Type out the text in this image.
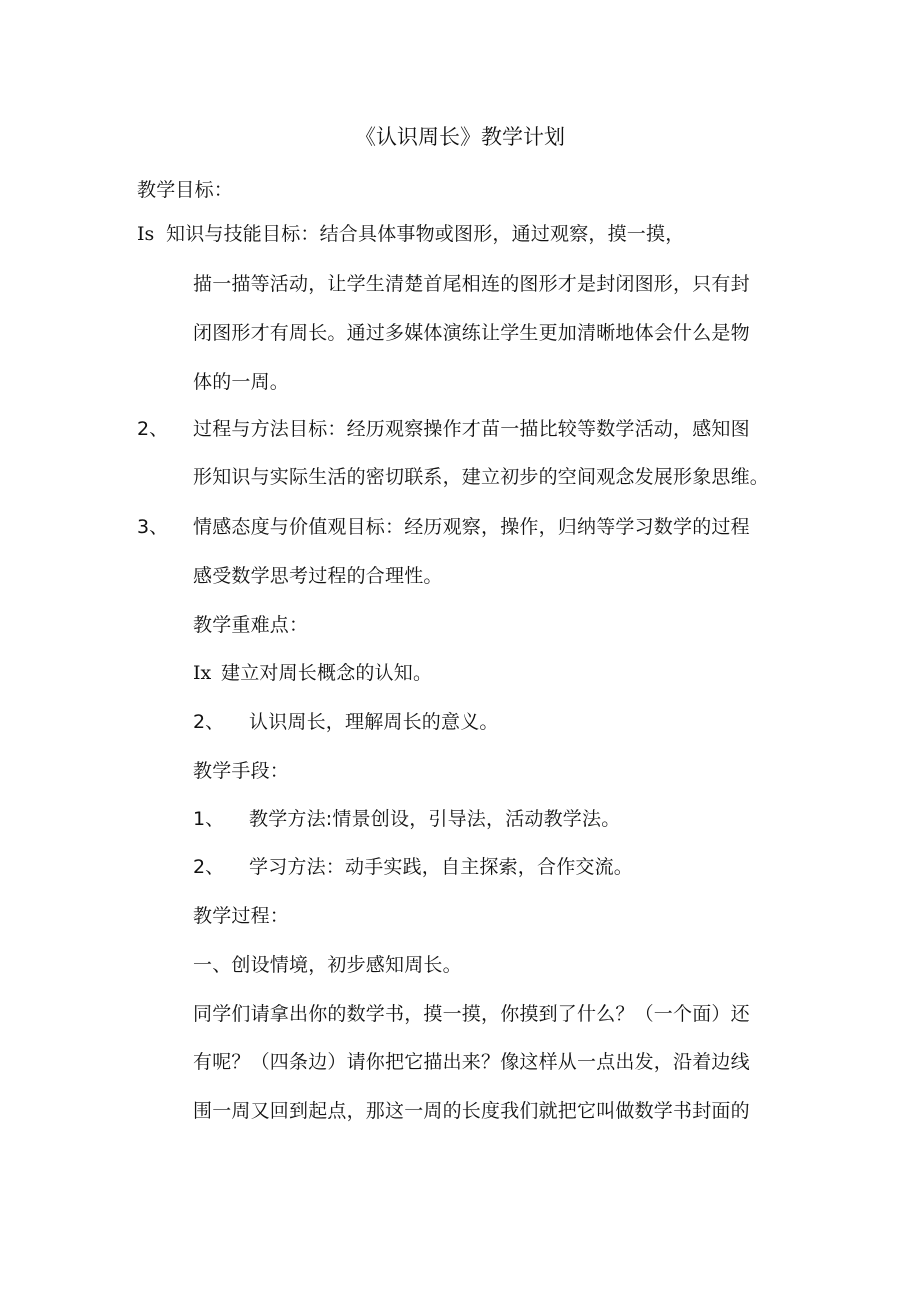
《认识周长》教学计划
教学目标：
Is 知识与技能目标：结合具体事物或图形，通过观察，摸一摸，
描一描等活动，让学生清楚首尾相连的图形才是封闭图形，只有封
闭图形才有周长。通过多媒体演练让学生更加清晰地体会什么是物
体的一周。
2、 过程与方法目标：经历观察操作才苗一描比较等数学活动，感知图
形知识与实际生活的密切联系，建立初步的空间观念发展形象思维。
3、 情感态度与价值观目标：经历观察，操作，归纳等学习数学的过程
感受数学思考过程的合理性。
教学重难点：
Ix 建立对周长概念的认知。
2、 认识周长，理解周长的意义。
教学手段：
1、 教学方法:情景创设，引导法，活动教学法。
2、 学习方法：动手实践，自主探索，合作交流。
教学过程：
一、创设情境，初步感知周长。
同学们请拿出你的数学书，摸一摸，你摸到了什么？（一个面）还
有呢？（四条边）请你把它描出来？像这样从一点出发，沿着边线
围一周又回到起点，那这一周的长度我们就把它叫做数学书封面的
